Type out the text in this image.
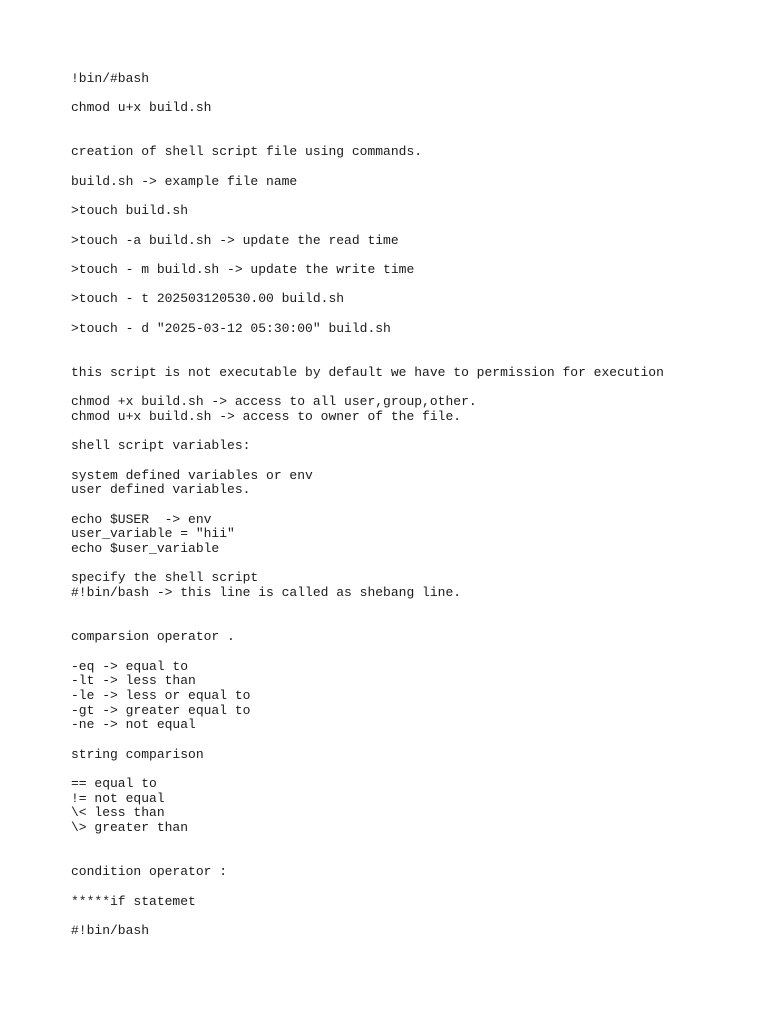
!bin/#bash
chmod u+x build.sh
creation of shell script file using commands.
build.sh -> example file name
>touch build.sh
>touch -a build.sh -> update the read time
>touch - m build.sh -> update the write time
>touch - t 202503120530.00 build.sh
>touch - d "2025-03-12 05:30:00" build.sh
this script is not executable by default we have to permission for execution
chmod +x build.sh -> access to all user,group,other.
chmod u+x build.sh -> access to owner of the file.
shell script variables:
system defined variables or env
user defined variables.
echo $USER  -> env
user_variable = "hii"
echo $user_variable
specify the shell script
#!bin/bash -> this line is called as shebang line.
comparsion operator .
-eq -> equal to
-lt -> less than
-le -> less or equal to
-gt -> greater equal to
-ne -> not equal
string comparison
== equal to
!= not equal
\< less than
\> greater than
condition operator :
*****if statemet
#!bin/bash
